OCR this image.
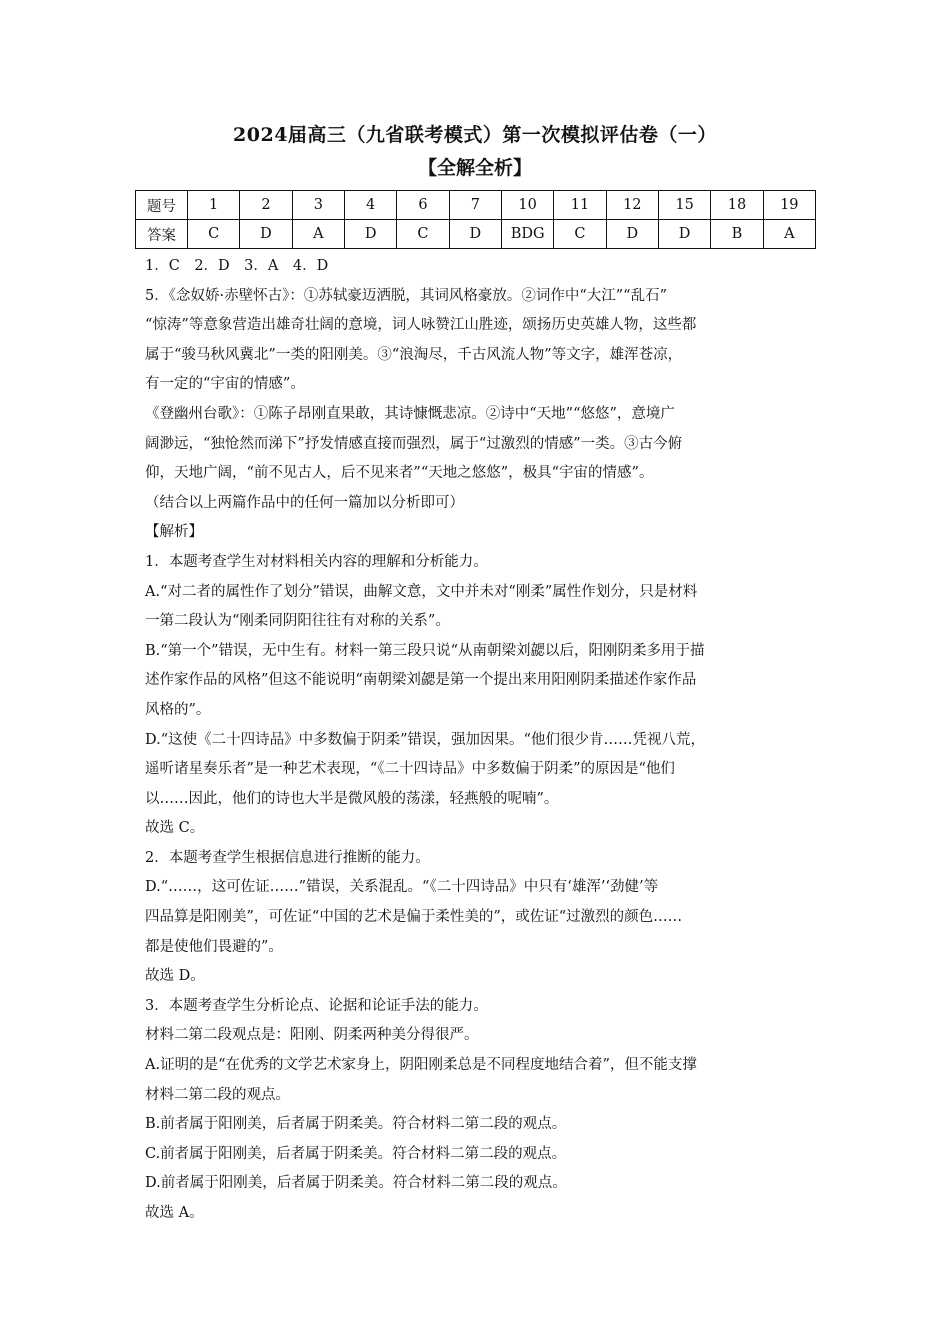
2024届高三（九省联考模式）第一次模拟评估卷（一）
【全解全析】
题号	1	2	3	4	6	7	10	11	12	15	18	19
答案	C	D	A	D	C	D	BDG	C	D	D	B	A

1．C　2．D　3．A　4．D

5．《念奴娇·赤壁怀古》：①苏轼豪迈洒脱，其词风格豪放。②词作中“大江”“乱石”

“惊涛”等意象营造出雄奇壮阔的意境，词人咏赞江山胜迹，颂扬历史英雄人物，这些都

属于“骏马秋风冀北”一类的阳刚美。③“浪淘尽，千古风流人物”等文字，雄浑苍凉，

有一定的“宇宙的情感”。

《登幽州台歌》：①陈子昂刚直果敢，其诗慷慨悲凉。②诗中“天地”“悠悠”，意境广

阔渺远，“独怆然而涕下”抒发情感直接而强烈，属于“过激烈的情感”一类。③古今俯

仰，天地广阔，“前不见古人，后不见来者”“天地之悠悠”，极具“宇宙的情感”。

（结合以上两篇作品中的任何一篇加以分析即可）

【解析】

1．本题考查学生对材料相关内容的理解和分析能力。

A.“对二者的属性作了划分”错误，曲解文意，文中并未对“刚柔”属性作划分，只是材料

一第二段认为“刚柔同阴阳往往有对称的关系”。

B.“第一个”错误，无中生有。材料一第三段只说“从南朝梁刘勰以后，阳刚阴柔多用于描

述作家作品的风格”但这不能说明“南朝梁刘勰是第一个提出来用阳刚阴柔描述作家作品

风格的”。

D.“这使《二十四诗品》中多数偏于阴柔”错误，强加因果。“他们很少肯……凭视八荒，

遥听诸星奏乐者”是一种艺术表现，“《二十四诗品》中多数偏于阴柔”的原因是“他们

以……因此，他们的诗也大半是微风般的荡漾，轻燕般的呢喃”。

故选 C。

2．本题考查学生根据信息进行推断的能力。

D.“……，这可佐证……”错误，关系混乱。“《二十四诗品》中只有‘雄浑’‘劲健’等

四品算是阳刚美”，可佐证“中国的艺术是偏于柔性美的”，或佐证“过激烈的颜色……

都是使他们畏避的”。

故选 D。

3．本题考查学生分析论点、论据和论证手法的能力。

材料二第二段观点是：阳刚、阴柔两种美分得很严。

A.证明的是“在优秀的文学艺术家身上，阴阳刚柔总是不同程度地结合着”，但不能支撑

材料二第二段的观点。

B.前者属于阳刚美，后者属于阴柔美。符合材料二第二段的观点。

C.前者属于阳刚美，后者属于阴柔美。符合材料二第二段的观点。

D.前者属于阳刚美，后者属于阴柔美。符合材料二第二段的观点。

故选 A。
